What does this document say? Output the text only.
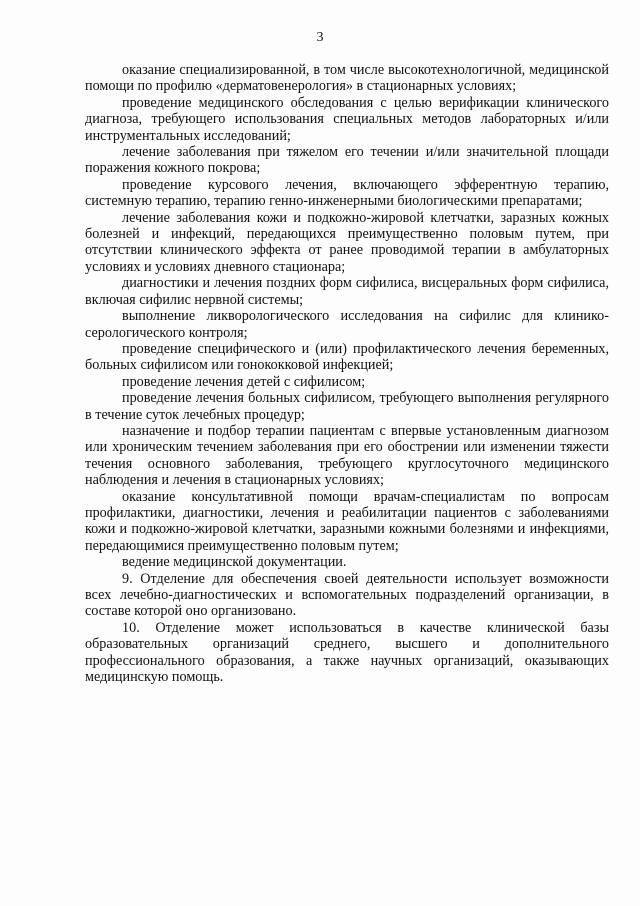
3

оказание специализированной, в том числе высокотехнологичной, медицинской помощи по профилю «дерматовенерология» в стационарных условиях;

проведение медицинского обследования с целью верификации клинического диагноза, требующего использования специальных методов лабораторных и/или инструментальных исследований;

лечение заболевания при тяжелом его течении и/или значительной площади поражения кожного покрова;

проведение курсового лечения, включающего эфферентную терапию, системную терапию, терапию генно-инженерными биологическими препаратами;

лечение заболевания кожи и подкожно-жировой клетчатки, заразных кожных болезней и инфекций, передающихся преимущественно половым путем, при отсутствии клинического эффекта от ранее проводимой терапии в амбулаторных условиях и условиях дневного стационара;

диагностики и лечения поздних форм сифилиса, висцеральных форм сифилиса, включая сифилис нервной системы;

выполнение ликворологического исследования на сифилис для клинико-серологического контроля;

проведение специфического и (или) профилактического лечения беременных, больных сифилисом или гонококковой инфекцией;

проведение лечения детей с сифилисом;

проведение лечения больных сифилисом, требующего выполнения регулярного в течение суток лечебных процедур;

назначение и подбор терапии пациентам с впервые установленным диагнозом или хроническим течением заболевания при его обострении или изменении тяжести течения основного заболевания, требующего круглосуточного медицинского наблюдения и лечения в стационарных условиях;

оказание консультативной помощи врачам-специалистам по вопросам профилактики, диагностики, лечения и реабилитации пациентов с заболеваниями кожи и подкожно-жировой клетчатки, заразными кожными болезнями и инфекциями, передающимися преимущественно половым путем;

ведение медицинской документации.

9. Отделение для обеспечения своей деятельности использует возможности всех лечебно-диагностических и вспомогательных подразделений организации, в составе которой оно организовано.

10. Отделение может использоваться в качестве клинической базы образовательных организаций среднего, высшего и дополнительного профессионального образования, а также научных организаций, оказывающих медицинскую помощь.
